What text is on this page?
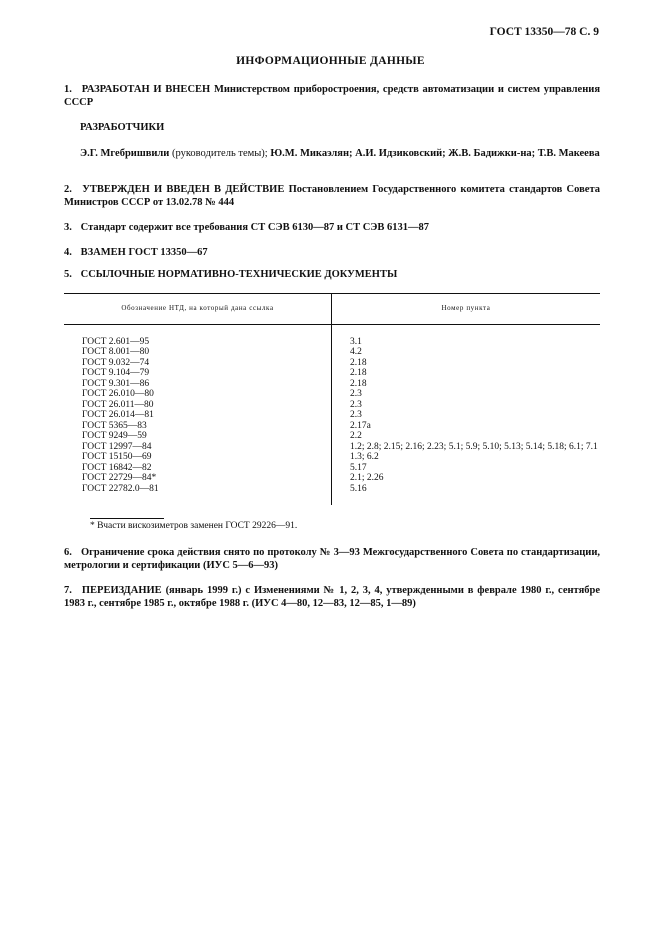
ГОСТ 13350—78 С. 9
ИНФОРМАЦИОННЫЕ ДАННЫЕ
1. РАЗРАБОТАН И ВНЕСЕН Министерством приборостроения, средств автоматизации и систем управления СССР
РАЗРАБОТЧИКИ
Э.Г. Мгебришвили (руководитель темы); Ю.М. Микаэлян; А.И. Идзиковский; Ж.В. Бадижки-на; Т.В. Макеева
2. УТВЕРЖДЕН И ВВЕДЕН В ДЕЙСТВИЕ Постановлением Государственного комитета стандартов Совета Министров СССР от 13.02.78 № 444
3. Стандарт содержит все требования СТ СЭВ 6130—87 и СТ СЭВ 6131—87
4. ВЗАМЕН ГОСТ 13350—67
5. ССЫЛОЧНЫЕ НОРМАТИВНО-ТЕХНИЧЕСКИЕ ДОКУМЕНТЫ
Обозначение НТД, на который дана ссылка	Номер пункта
ГОСТ 2.601—95	3.1
ГОСТ 8.001—80	4.2
ГОСТ 9.032—74	2.18
ГОСТ 9.104—79	2.18
ГОСТ 9.301—86	2.18
ГОСТ 26.010—80	2.3
ГОСТ 26.011—80	2.3
ГОСТ 26.014—81	2.3
ГОСТ 5365—83	2.17а
ГОСТ 9249—59	2.2
ГОСТ 12997—84	1.2; 2.8; 2.15; 2.16; 2.23; 5.1; 5.9; 5.10; 5.13; 5.14; 5.18; 6.1; 7.1
ГОСТ 15150—69	1.3; 6.2
ГОСТ 16842—82	5.17
ГОСТ 22729—84*	2.1; 2.26
ГОСТ 22782.0—81	5.16
* Вчасти вискозиметров заменен ГОСТ 29226—91.
6. Ограничение срока действия снято по протоколу № 3—93 Межгосударственного Совета по стандартизации, метрологии и сертификации (ИУС 5—6—93)
7. ПЕРЕИЗДАНИЕ (январь 1999 г.) с Изменениями № 1, 2, 3, 4, утвержденными в феврале 1980 г., сентябре 1983 г., сентябре 1985 г., октябре 1988 г. (ИУС 4—80, 12—83, 12—85, 1—89)
